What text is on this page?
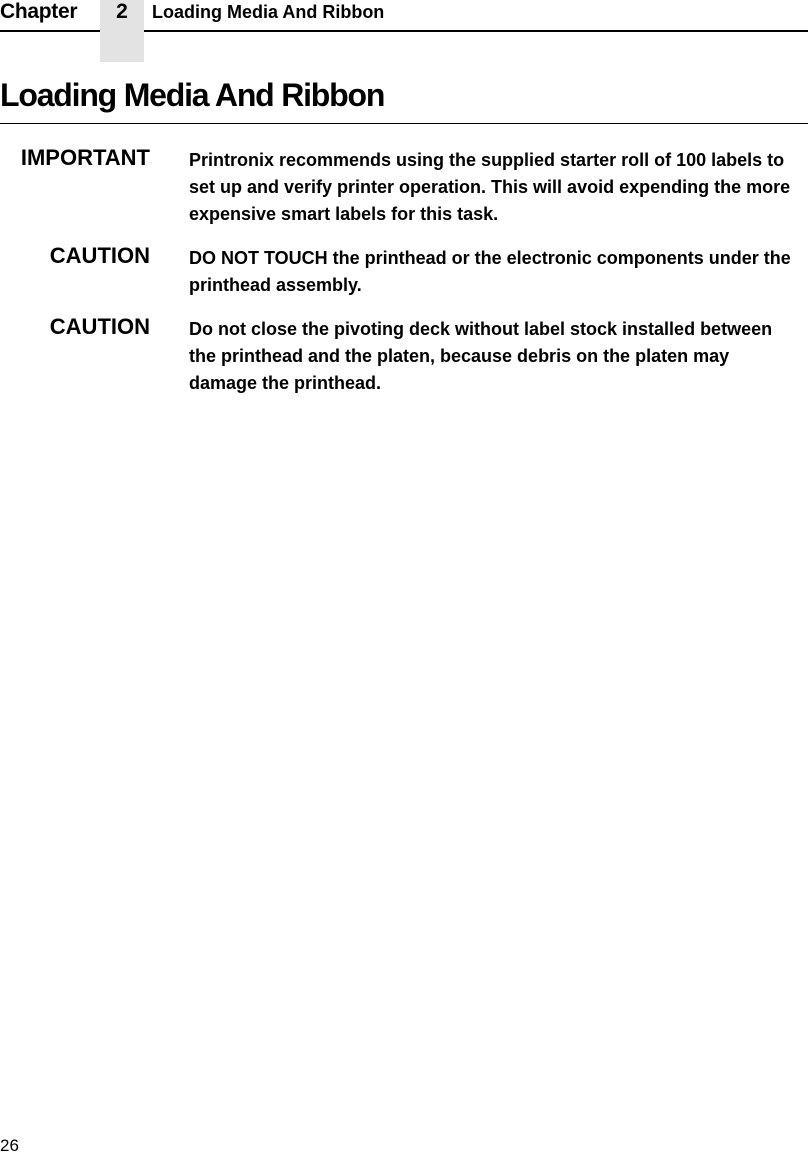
Chapter	2	Loading Media And Ribbon
Loading Media And Ribbon
IMPORTANT Printronix recommends using the supplied starter roll of 100 labels to set up and verify printer operation. This will avoid expending the more expensive smart labels for this task.
CAUTION DO NOT TOUCH the printhead or the electronic components under the printhead assembly.
CAUTION Do not close the pivoting deck without label stock installed between the printhead and the platen, because debris on the platen may damage the printhead.
26
